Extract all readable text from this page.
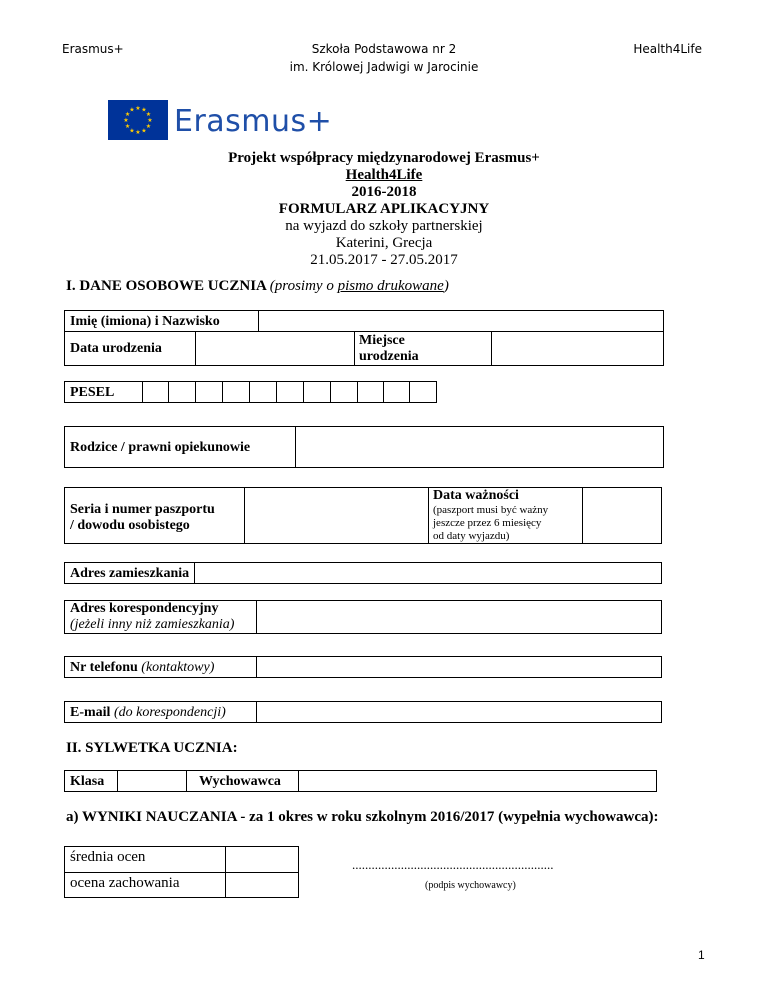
Erasmus+	Szkoła Podstawowa nr 2
im. Królowej Jadwigi w Jarocinie
Health4Life
★ ★
★
★
★
★
★
★
★
★
★
★ Erasmus+
Projekt współpracy międzynarodowej Erasmus+
Health4Life
2016-2018
FORMULARZ APLIKACYJNY
na wyjazd do szkoły partnerskiej
Katerini, Grecja
21.05.2017 - 27.05.2017
I. DANE OSOBOWE UCZNIA (prosimy o pismo drukowane)
Imię (imiona) i Nazwisko
Data urodzenia
Miejsce
urodzenia
PESEL
Rodzice / prawni opiekunowie
Seria i numer paszportu
/ dowodu osobistego
Data ważności
(paszport musi być ważny
jeszcze przez 6 miesięcy
od daty wyjazdu)
Adres zamieszkania
Adres korespondencyjny
(jeżeli inny niż zamieszkania)
Nr telefonu (kontaktowy)
E-mail (do korespondencji)
II. SYLWETKA UCZNIA:
Klasa	Wychowawca
a) WYNIKI NAUCZANIA - za 1 okres w roku szkolnym 2016/2017 (wypełnia wychowawca):
średnia ocen
ocena zachowania
..............................................................
(podpis wychowawcy)
1
